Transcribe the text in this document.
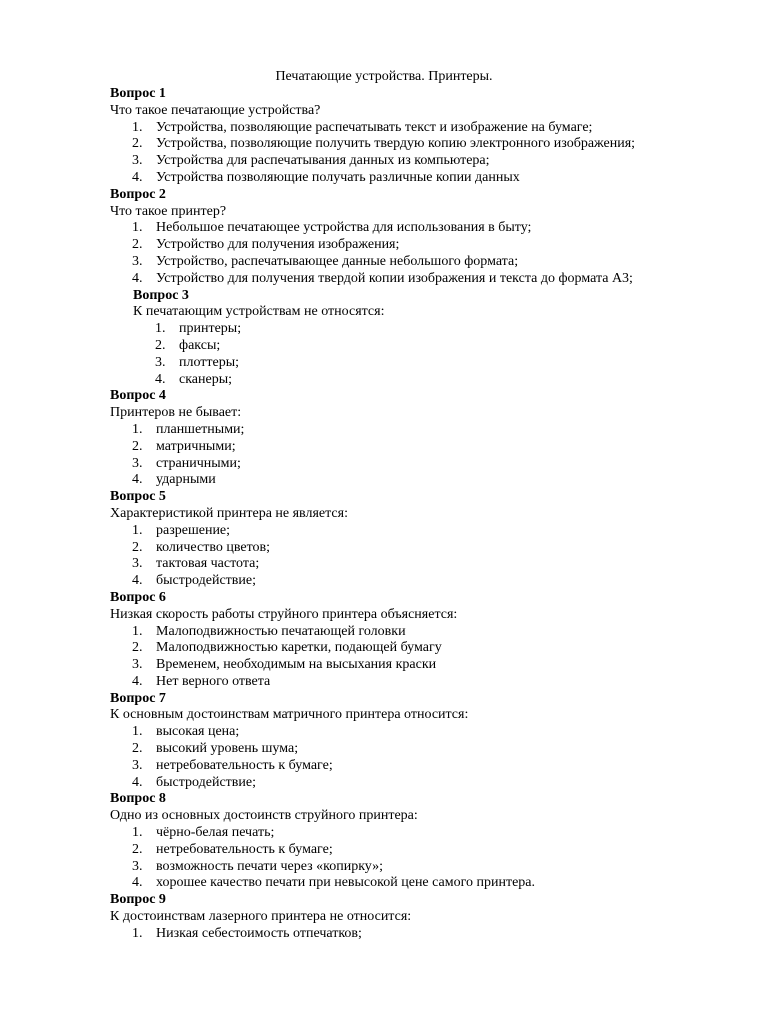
Печатающие устройства. Принтеры.
Вопрос 1
Что такое печатающие устройства?
1. Устройства, позволяющие распечатывать текст и изображение на бумаге;
2. Устройства, позволяющие получить твердую копию электронного изображения;
3. Устройства для распечатывания данных из компьютера;
4. Устройства позволяющие получать различные копии данных
Вопрос 2
Что такое принтер?
1. Небольшое печатающее устройства для использования в быту;
2. Устройство для получения изображения;
3. Устройство, распечатывающее данные небольшого формата;
4. Устройство для получения твердой копии изображения и текста до формата А3;
Вопрос 3
К печатающим устройствам не относятся:
1. принтеры;
2. факсы;
3. плоттеры;
4. сканеры;
Вопрос 4
Принтеров не бывает:
1. планшетными;
2. матричными;
3. страничными;
4. ударными
Вопрос 5
Характеристикой принтера не является:
1. разрешение;
2. количество цветов;
3. тактовая частота;
4. быстродействие;
Вопрос 6
Низкая скорость работы струйного принтера объясняется:
1. Малоподвижностью печатающей головки
2. Малоподвижностью каретки, подающей бумагу
3. Временем, необходимым на высыхания краски
4. Нет верного ответа
Вопрос 7
К основным достоинствам матричного принтера относится:
1. высокая цена;
2. высокий уровень шума;
3. нетребовательность к бумаге;
4. быстродействие;
Вопрос 8
Одно из основных достоинств струйного принтера:
1. чёрно-белая печать;
2. нетребовательность к бумаге;
3. возможность печати через «копирку»;
4. хорошее качество печати при невысокой цене самого принтера.
Вопрос 9
К достоинствам лазерного принтера не относится:
1. Низкая себестоимость отпечатков;
